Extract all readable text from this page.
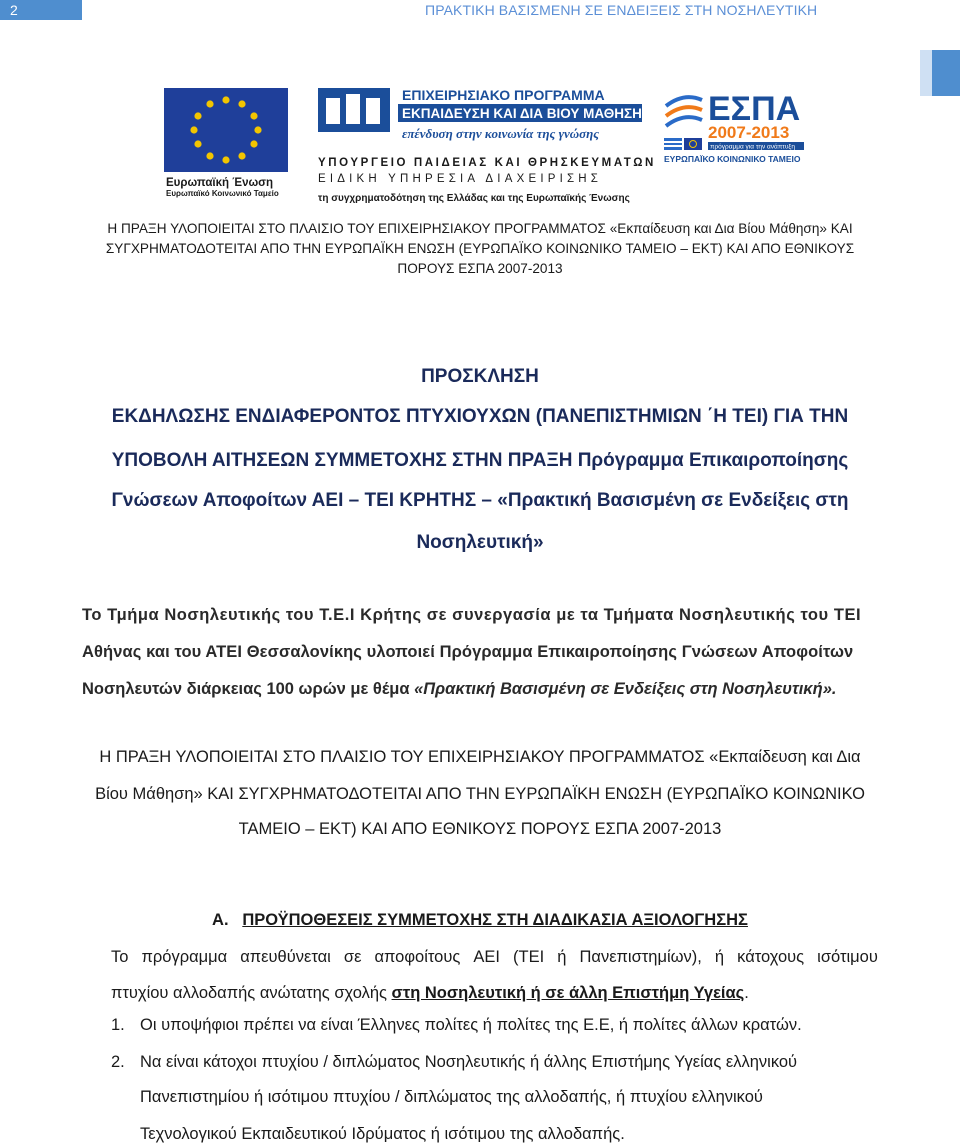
2	ΠΡΑΚΤΙΚΗ ΒΑΣΙΣΜΕΝΗ ΣΕ ΕΝΔΕΙΞΕΙΣ ΣΤΗ ΝΟΣΗΛΕΥΤΙΚΗ
Ευρωπαϊκή Ένωση
Ευρωπαϊκό Κοινωνικό Ταμείο
ΕΠΙΧΕΙΡΗΣΙΑΚΟ ΠΡΟΓΡΑΜΜΑ
ΕΚΠΑΙΔΕΥΣΗ ΚΑΙ ΔΙΑ ΒΙΟΥ ΜΑΘΗΣΗ
επένδυση στην κοινωνία της γνώσης
ΥΠΟΥΡΓΕΙΟ ΠΑΙΔΕΙΑΣ ΚΑΙ ΘΡΗΣΚΕΥΜΑΤΩΝ
ΕΙΔΙΚΗ ΥΠΗΡΕΣΙΑ ΔΙΑΧΕΙΡΙΣΗΣ
Με τη συγχρηματοδότηση της Ελλάδας και της Ευρωπαϊκής Ένωσης
ΕΣΠΑ
2007-2013
πρόγραμμα για την ανάπτυξη
ΕΥΡΩΠΑΪΚΟ ΚΟΙΝΩΝΙΚΟ ΤΑΜΕΙΟ
Η ΠΡΑΞΗ ΥΛΟΠΟΙΕΙΤΑΙ ΣΤΟ ΠΛΑΙΣΙΟ ΤΟΥ ΕΠΙΧΕΙΡΗΣΙΑΚΟΥ ΠΡΟΓΡΑΜΜΑΤΟΣ «Εκπαίδευση και Δια Βίου Μάθηση» ΚΑΙ
ΣΥΓΧΡΗΜΑΤΟΔΟΤΕΙΤΑΙ ΑΠΟ ΤΗΝ ΕΥΡΩΠΑΪΚΗ ΕΝΩΣΗ (ΕΥΡΩΠΑΪΚΟ ΚΟΙΝΩΝΙΚΟ ΤΑΜΕΙΟ – ΕΚΤ) ΚΑΙ ΑΠΟ ΕΘΝΙΚΟΥΣ
ΠΟΡΟΥΣ ΕΣΠΑ 2007-2013
ΠΡΟΣΚΛΗΣΗ
ΕΚΔΗΛΩΣΗΣ ΕΝΔΙΑΦΕΡΟΝΤΟΣ ΠΤΥΧΙΟΥΧΩΝ (ΠΑΝΕΠΙΣΤΗΜΙΩΝ ΄Η ΤΕΙ) ΓΙΑ ΤΗΝ
ΥΠΟΒΟΛΗ ΑΙΤΗΣΕΩΝ ΣΥΜΜΕΤΟΧΗΣ ΣΤΗΝ ΠΡΑΞΗ Πρόγραμμα Επικαιροποίησης
Γνώσεων Αποφοίτων ΑΕΙ – ΤΕΙ ΚΡΗΤΗΣ – «Πρακτική Βασισμένη σε Ενδείξεις στη
Νοσηλευτική»
Το Τμήμα Νοσηλευτικής του Τ.Ε.Ι Κρήτης σε συνεργασία με τα Τμήματα Νοσηλευτικής του ΤΕΙ
Αθήνας και του ΑΤΕΙ Θεσσαλονίκης υλοποιεί Πρόγραμμα Επικαιροποίησης Γνώσεων Αποφοίτων
Νοσηλευτών διάρκειας 100 ωρών με θέμα «Πρακτική Βασισμένη σε Ενδείξεις στη Νοσηλευτική».
Η ΠΡΑΞΗ ΥΛΟΠΟΙΕΙΤΑΙ ΣΤΟ ΠΛΑΙΣΙΟ ΤΟΥ ΕΠΙΧΕΙΡΗΣΙΑΚΟΥ ΠΡΟΓΡΑΜΜΑΤΟΣ «Εκπαίδευση και Δια
Βίου Μάθηση» ΚΑΙ ΣΥΓΧΡΗΜΑΤΟΔΟΤΕΙΤΑΙ ΑΠΟ ΤΗΝ ΕΥΡΩΠΑΪΚΗ ΕΝΩΣΗ (ΕΥΡΩΠΑΪΚΟ ΚΟΙΝΩΝΙΚΟ
ΤΑΜΕΙΟ – ΕΚΤ) ΚΑΙ ΑΠΟ ΕΘΝΙΚΟΥΣ ΠΟΡΟΥΣ ΕΣΠΑ 2007-2013
Α. ΠΡΟΫΠΟΘΕΣΕΙΣ ΣΥΜΜΕΤΟΧΗΣ ΣΤΗ ΔΙΑΔΙΚΑΣΙΑ ΑΞΙΟΛΟΓΗΣΗΣ
Το πρόγραμμα απευθύνεται σε αποφοίτους ΑΕΙ (ΤΕΙ ή Πανεπιστημίων), ή κάτοχους ισότιμου
πτυχίου αλλοδαπής ανώτατης σχολής στη Νοσηλευτική ή σε άλλη Επιστήμη Υγείας.
1. Οι υποψήφιοι πρέπει να είναι Έλληνες πολίτες ή πολίτες της Ε.Ε, ή πολίτες άλλων κρατών.
2. Να είναι κάτοχοι πτυχίου / διπλώματος Νοσηλευτικής ή άλλης Επιστήμης Υγείας ελληνικού
Πανεπιστημίου ή ισότιμου πτυχίου / διπλώματος της αλλοδαπής, ή πτυχίου ελληνικού
Τεχνολογικού Εκπαιδευτικού Ιδρύματος ή ισότιμου της αλλοδαπής.
